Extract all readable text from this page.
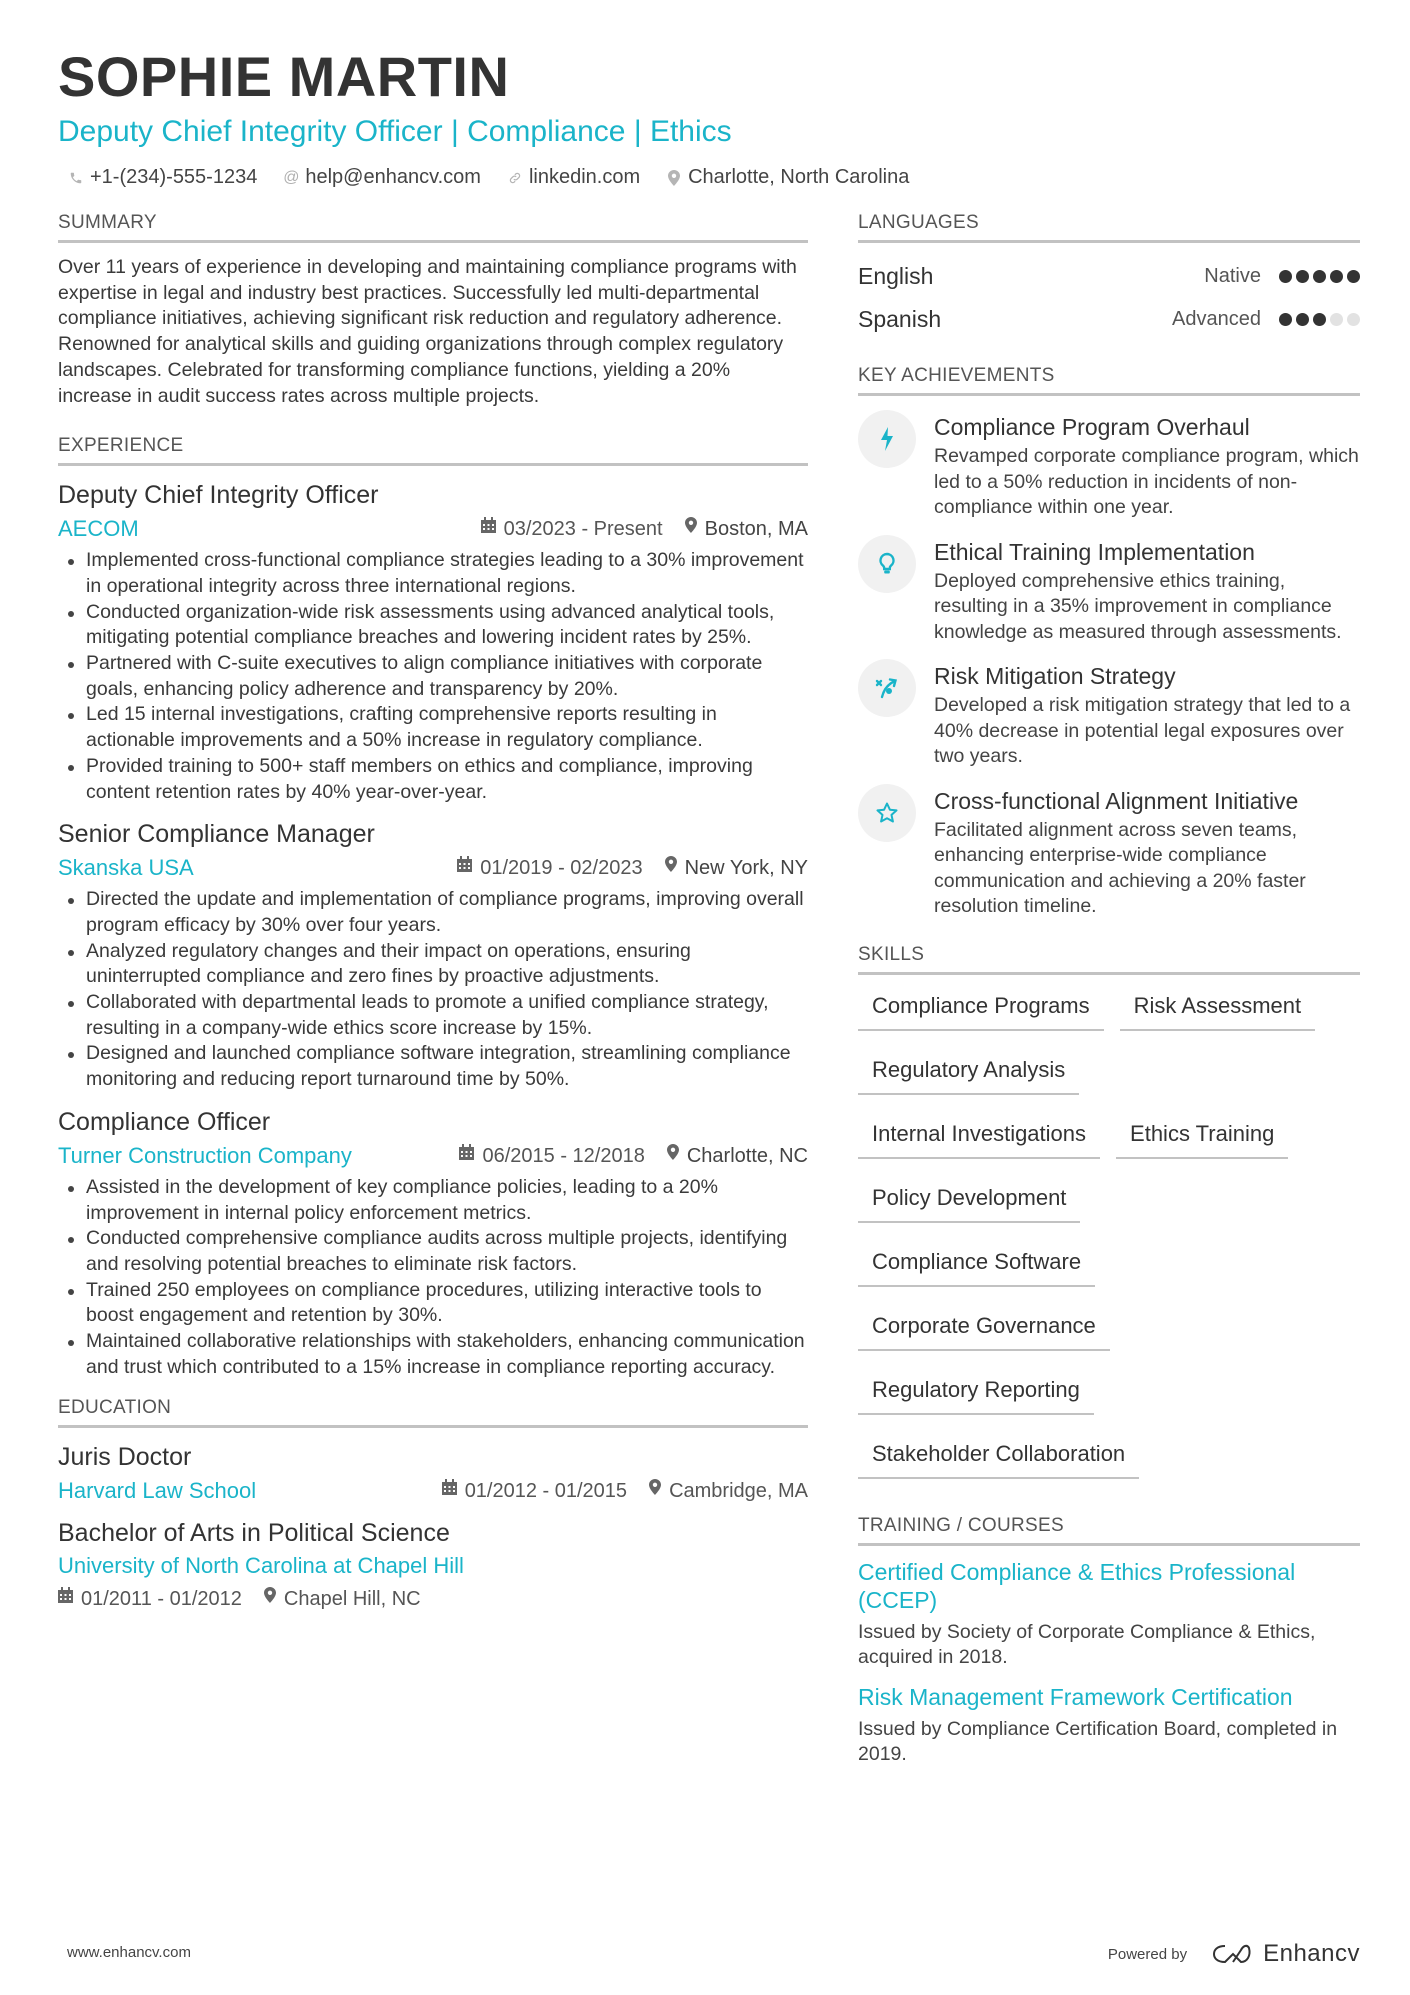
SOPHIE MARTIN
Deputy Chief Integrity Officer | Compliance | Ethics
+1-(234)-555-1234 @ help@enhancv.com linkedin.com Charlotte, North Carolina
SUMMARY
Over 11 years of experience in developing and maintaining compliance programs with expertise in legal and industry best practices. Successfully led multi-departmental compliance initiatives, achieving significant risk reduction and regulatory adherence. Renowned for analytical skills and guiding organizations through complex regulatory landscapes. Celebrated for transforming compliance functions, yielding a 20% increase in audit success rates across multiple projects.
EXPERIENCE
Deputy Chief Integrity Officer
AECOM	03/2023 - Present Boston, MA
Implemented cross-functional compliance strategies leading to a 30% improvement in operational integrity across three international regions.
Conducted organization-wide risk assessments using advanced analytical tools, mitigating potential compliance breaches and lowering incident rates by 25%.
Partnered with C-suite executives to align compliance initiatives with corporate goals, enhancing policy adherence and transparency by 20%.
Led 15 internal investigations, crafting comprehensive reports resulting in actionable improvements and a 50% increase in regulatory compliance.
Provided training to 500+ staff members on ethics and compliance, improving content retention rates by 40% year-over-year.
Senior Compliance Manager
Skanska USA	01/2019 - 02/2023 New York, NY
Directed the update and implementation of compliance programs, improving overall program efficacy by 30% over four years.
Analyzed regulatory changes and their impact on operations, ensuring uninterrupted compliance and zero fines by proactive adjustments.
Collaborated with departmental leads to promote a unified compliance strategy, resulting in a company-wide ethics score increase by 15%.
Designed and launched compliance software integration, streamlining compliance monitoring and reducing report turnaround time by 50%.
Compliance Officer
Turner Construction Company	06/2015 - 12/2018 Charlotte, NC
Assisted in the development of key compliance policies, leading to a 20% improvement in internal policy enforcement metrics.
Conducted comprehensive compliance audits across multiple projects, identifying and resolving potential breaches to eliminate risk factors.
Trained 250 employees on compliance procedures, utilizing interactive tools to boost engagement and retention by 30%.
Maintained collaborative relationships with stakeholders, enhancing communication and trust which contributed to a 15% increase in compliance reporting accuracy.
EDUCATION
Juris Doctor
Harvard Law School	01/2012 - 01/2015 Cambridge, MA
Bachelor of Arts in Political Science
University of North Carolina at Chapel Hill
01/2011 - 01/2012 Chapel Hill, NC
LANGUAGES
English	Native
Spanish	Advanced
KEY ACHIEVEMENTS
Compliance Program Overhaul
Revamped corporate compliance program, which led to a 50% reduction in incidents of non-compliance within one year.
Ethical Training Implementation
Deployed comprehensive ethics training, resulting in a 35% improvement in compliance knowledge as measured through assessments.
Risk Mitigation Strategy
Developed a risk mitigation strategy that led to a 40% decrease in potential legal exposures over two years.
Cross-functional Alignment Initiative
Facilitated alignment across seven teams, enhancing enterprise-wide compliance communication and achieving a 20% faster resolution timeline.
SKILLS
Compliance Programs	Risk Assessment
Regulatory Analysis
Internal Investigations	Ethics Training
Policy Development
Compliance Software
Corporate Governance
Regulatory Reporting
Stakeholder Collaboration
TRAINING / COURSES
Certified Compliance & Ethics Professional (CCEP)
Issued by Society of Corporate Compliance & Ethics, acquired in 2018.
Risk Management Framework Certification
Issued by Compliance Certification Board, completed in 2019.
www.enhancv.com	Powered by	Enhancv
